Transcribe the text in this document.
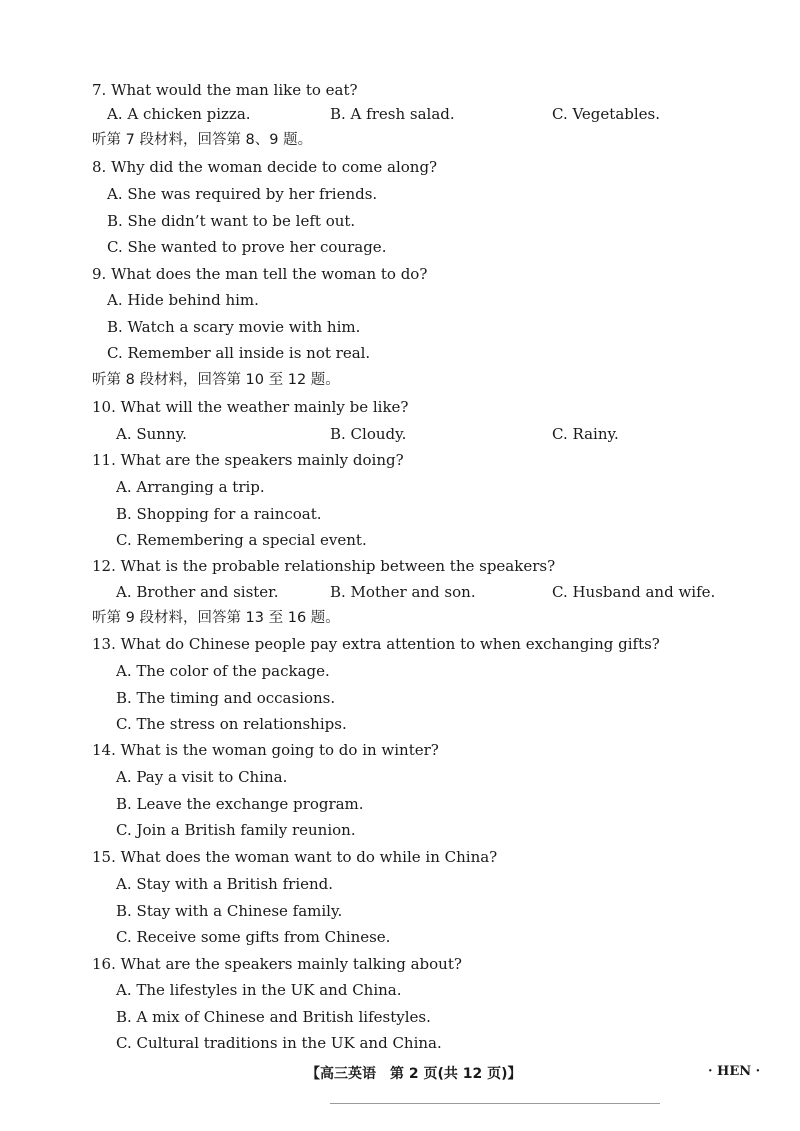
7. What would the man like to eat?
A. A chicken pizza.	B. A fresh salad.	C. Vegetables.
听第 7 段材料，回答第 8、9 题。
8. Why did the woman decide to come along?
A. She was required by her friends.
B. She didn’t want to be left out.
C. She wanted to prove her courage.
9. What does the man tell the woman to do?
A. Hide behind him.
B. Watch a scary movie with him.
C. Remember all inside is not real.
听第 8 段材料，回答第 10 至 12 题。
10. What will the weather mainly be like?
A. Sunny.	B. Cloudy.	C. Rainy.
11. What are the speakers mainly doing?
A. Arranging a trip.
B. Shopping for a raincoat.
C. Remembering a special event.
12. What is the probable relationship between the speakers?
A. Brother and sister.	B. Mother and son.	C. Husband and wife.
听第 9 段材料，回答第 13 至 16 题。
13. What do Chinese people pay extra attention to when exchanging gifts?
A. The color of the package.
B. The timing and occasions.
C. The stress on relationships.
14. What is the woman going to do in winter?
A. Pay a visit to China.
B. Leave the exchange program.
C. Join a British family reunion.
15. What does the woman want to do while in China?
A. Stay with a British friend.
B. Stay with a Chinese family.
C. Receive some gifts from Chinese.
16. What are the speakers mainly talking about?
A. The lifestyles in the UK and China.
B. A mix of Chinese and British lifestyles.
C. Cultural traditions in the UK and China.
【高三英语　第 2 页(共 12 页)】	· HEN ·
